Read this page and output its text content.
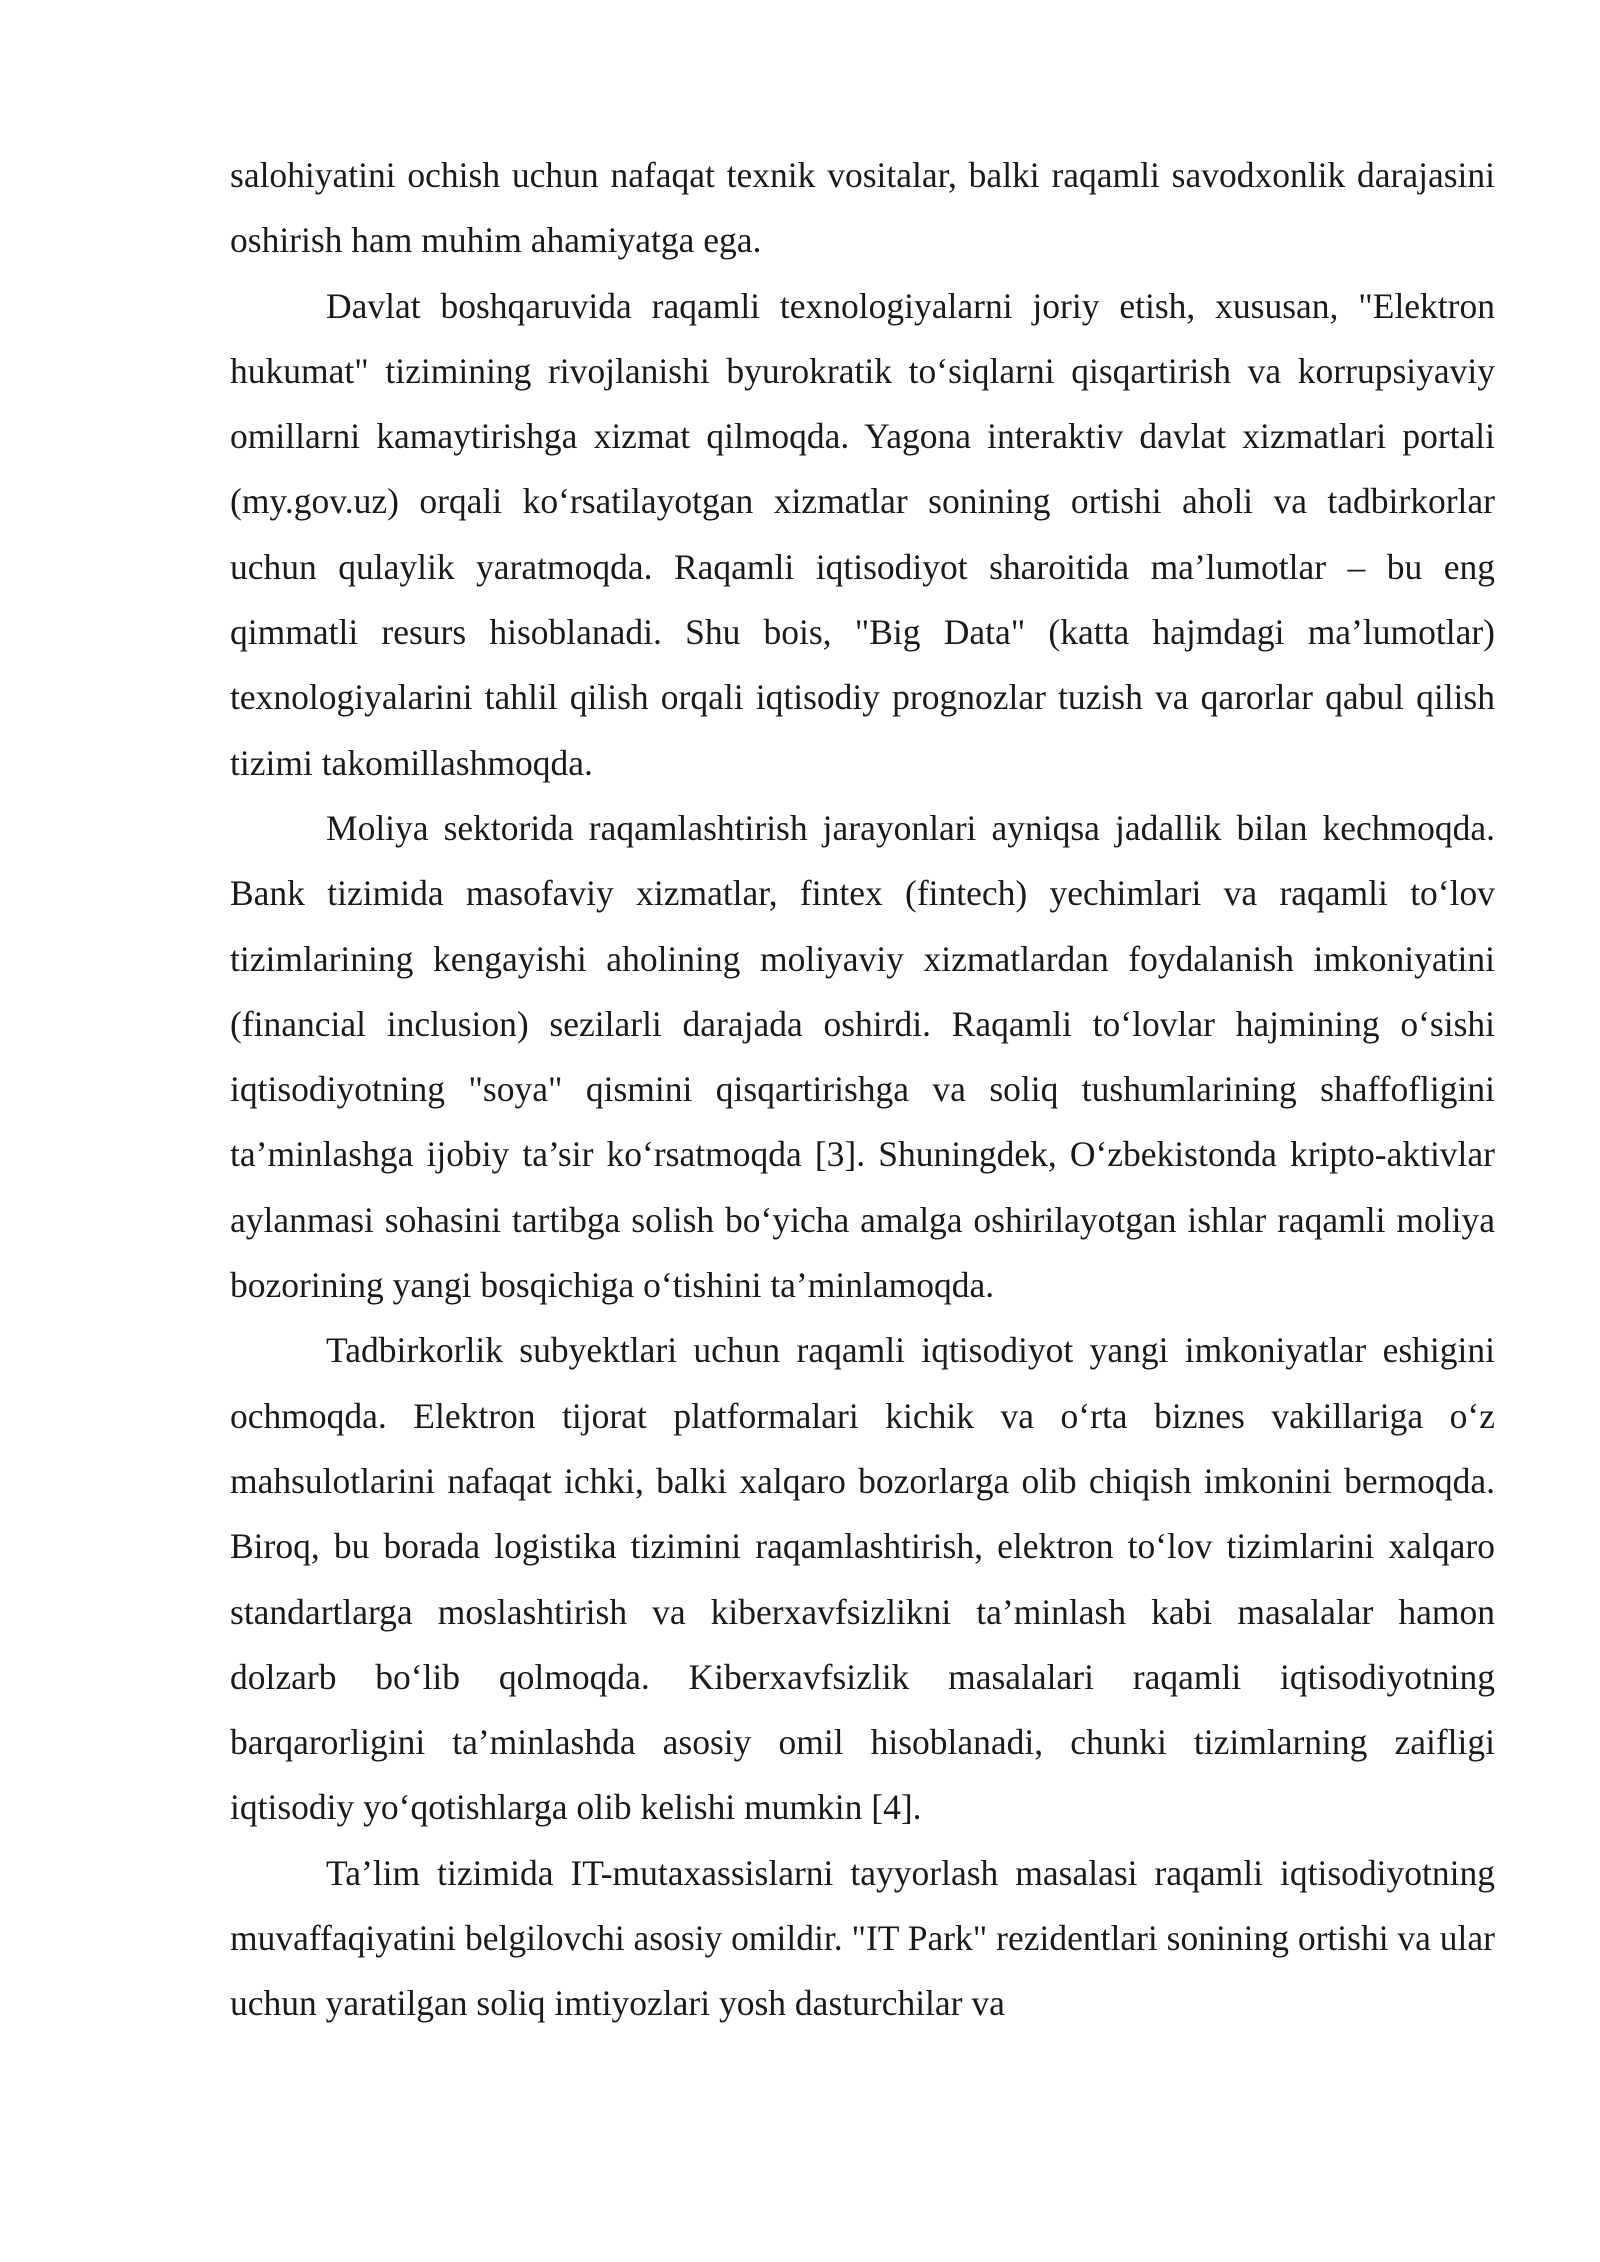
salohiyatini ochish uchun nafaqat texnik vositalar, balki raqamli savodxonlik darajasini oshirish ham muhim ahamiyatga ega.

Davlat boshqaruvida raqamli texnologiyalarni joriy etish, xususan, "Elektron hukumat" tizimining rivojlanishi byurokratik to‘siqlarni qisqartirish va korrupsiyaviy omillarni kamaytirishga xizmat qilmoqda. Yagona interaktiv davlat xizmatlari portali (my.gov.uz) orqali ko‘rsatilayotgan xizmatlar sonining ortishi aholi va tadbirkorlar uchun qulaylik yaratmoqda. Raqamli iqtisodiyot sharoitida ma’lumotlar – bu eng qimmatli resurs hisoblanadi. Shu bois, "Big Data" (katta hajmdagi ma’lumotlar) texnologiyalarini tahlil qilish orqali iqtisodiy prognozlar tuzish va qarorlar qabul qilish tizimi takomillashmoqda.

Moliya sektorida raqamlashtirish jarayonlari ayniqsa jadallik bilan kechmoqda. Bank tizimida masofaviy xizmatlar, fintex (fintech) yechimlari va raqamli to‘lov tizimlarining kengayishi aholining moliyaviy xizmatlardan foydalanish imkoniyatini (financial inclusion) sezilarli darajada oshirdi. Raqamli to‘lovlar hajmining o‘sishi iqtisodiyotning "soya" qismini qisqartirishga va soliq tushumlarining shaffofligini ta’minlashga ijobiy ta’sir ko‘rsatmoqda [3]. Shuningdek, O‘zbekistonda kripto-aktivlar aylanmasi sohasini tartibga solish bo‘yicha amalga oshirilayotgan ishlar raqamli moliya bozorining yangi bosqichiga o‘tishini ta’minlamoqda.

Tadbirkorlik subyektlari uchun raqamli iqtisodiyot yangi imkoniyatlar eshigini ochmoqda. Elektron tijorat platformalari kichik va o‘rta biznes vakillariga o‘z mahsulotlarini nafaqat ichki, balki xalqaro bozorlarga olib chiqish imkonini bermoqda. Biroq, bu borada logistika tizimini raqamlashtirish, elektron to‘lov tizimlarini xalqaro standartlarga moslashtirish va kiberxavfsizlikni ta’minlash kabi masalalar hamon dolzarb bo‘lib qolmoqda. Kiberxavfsizlik masalalari raqamli iqtisodiyotning barqarorligini ta’minlashda asosiy omil hisoblanadi, chunki tizimlarning zaifligi iqtisodiy yo‘qotishlarga olib kelishi mumkin [4].

Ta’lim tizimida IT-mutaxassislarni tayyorlash masalasi raqamli iqtisodiyotning muvaffaqiyatini belgilovchi asosiy omildir. "IT Park" rezidentlari sonining ortishi va ular uchun yaratilgan soliq imtiyozlari yosh dasturchilar va
